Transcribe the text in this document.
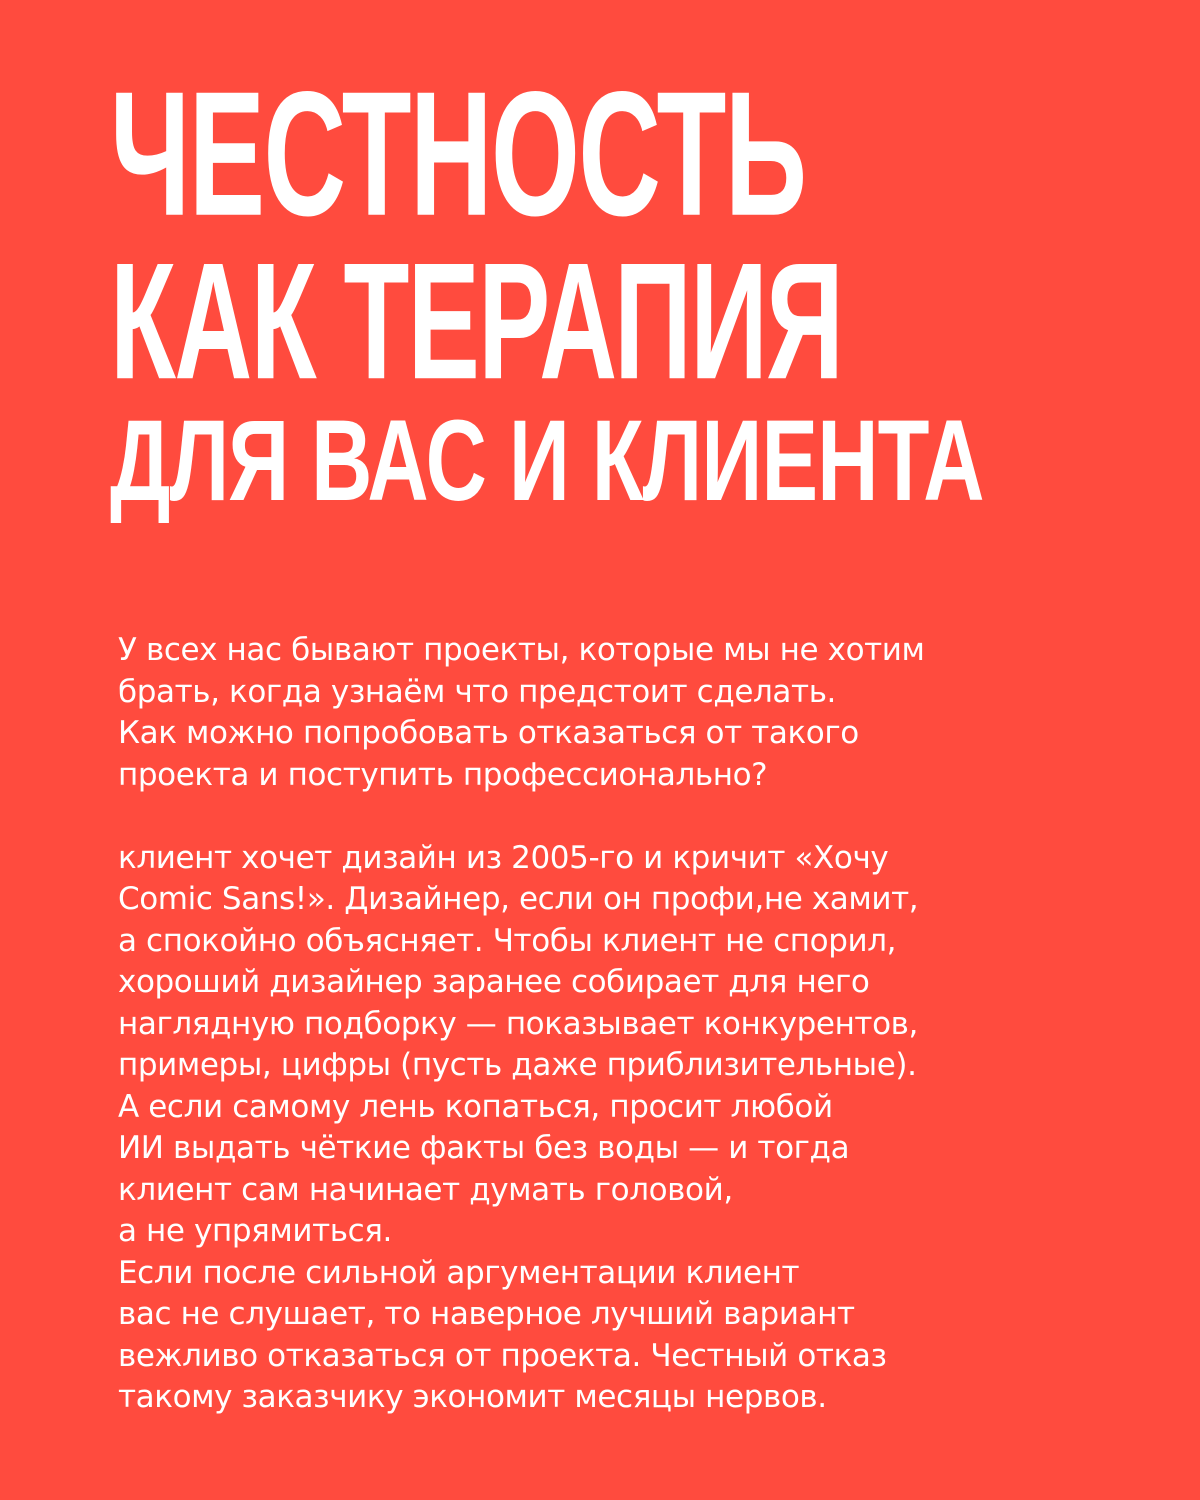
ЧЕСТНОСТЬ
КАК ТЕРАПИЯ
ДЛЯ ВАС И КЛИЕНТА

У всех нас бывают проекты, которые мы не хотим
брать, когда узнаём что предстоит сделать.
Как можно попробовать отказаться от такого
проекта и поступить профессионально?

клиент хочет дизайн из 2005-го и кричит «Хочу
Comic Sans!». Дизайнер, если он профи,не хамит,
а спокойно объясняет. Чтобы клиент не спорил,
хороший дизайнер заранее собирает для него
наглядную подборку — показывает конкурентов,
примеры, цифры (пусть даже приблизительные).
А если самому лень копаться, просит любой
ИИ выдать чёткие факты без воды — и тогда
клиент сам начинает думать головой,
а не упрямиться.
Если после сильной аргументации клиент
вас не слушает, то наверное лучший вариант
вежливо отказаться от проекта. Честный отказ
такому заказчику экономит месяцы нервов.
